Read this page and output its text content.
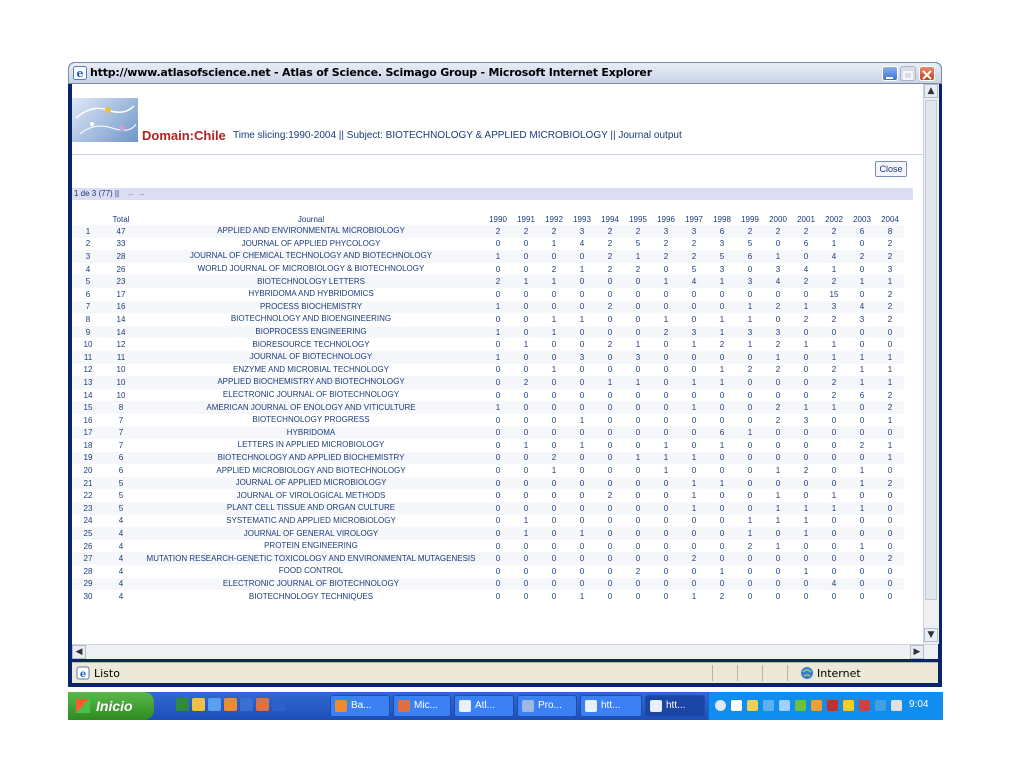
e http://www.atlasofscience.net - Atlas of Science. Scimago Group - Microsoft Internet Explorer
Domain:Chile Time slicing:1990-2004 || Subject: BIOTECHNOLOGY & APPLIED MICROBIOLOGY || Journal output
Close
1 de 3 (77) || ← →
	Total	Journal	1990	1991	1992	1993	1994	1995	1996	1997	1998	1999	2000	2001	2002	2003	2004
1	47	APPLIED AND ENVIRONMENTAL MICROBIOLOGY	2	2	2	3	2	2	3	3	6	2	2	2	2	6	8
2	33	JOURNAL OF APPLIED PHYCOLOGY	0	0	1	4	2	5	2	2	3	5	0	6	1	0	2
3	28	JOURNAL OF CHEMICAL TECHNOLOGY AND BIOTECHNOLOGY	1	0	0	0	2	1	2	2	5	6	1	0	4	2	2
4	26	WORLD JOURNAL OF MICROBIOLOGY & BIOTECHNOLOGY	0	0	2	1	2	2	0	5	3	0	3	4	1	0	3
5	23	BIOTECHNOLOGY LETTERS	2	1	1	0	0	0	1	4	1	3	4	2	2	1	1
6	17	HYBRIDOMA AND HYBRIDOMICS	0	0	0	0	0	0	0	0	0	0	0	0	15	0	2
7	16	PROCESS BIOCHEMISTRY	1	0	0	0	2	0	0	0	0	1	2	1	3	4	2
8	14	BIOTECHNOLOGY AND BIOENGINEERING	0	0	1	1	0	0	1	0	1	1	0	2	2	3	2
9	14	BIOPROCESS ENGINEERING	1	0	1	0	0	0	2	3	1	3	3	0	0	0	0
10	12	BIORESOURCE TECHNOLOGY	0	1	0	0	2	1	0	1	2	1	2	1	1	0	0
11	11	JOURNAL OF BIOTECHNOLOGY	1	0	0	3	0	3	0	0	0	0	1	0	1	1	1
12	10	ENZYME AND MICROBIAL TECHNOLOGY	0	0	1	0	0	0	0	0	1	2	2	0	2	1	1
13	10	APPLIED BIOCHEMISTRY AND BIOTECHNOLOGY	0	2	0	0	1	1	0	1	1	0	0	0	2	1	1
14	10	ELECTRONIC JOURNAL OF BIOTECHNOLOGY	0	0	0	0	0	0	0	0	0	0	0	0	2	6	2
15	8	AMERICAN JOURNAL OF ENOLOGY AND VITICULTURE	1	0	0	0	0	0	0	1	0	0	2	1	1	0	2
16	7	BIOTECHNOLOGY PROGRESS	0	0	0	1	0	0	0	0	0	0	2	3	0	0	1
17	7	HYBRIDOMA	0	0	0	0	0	0	0	0	6	1	0	0	0	0	0
18	7	LETTERS IN APPLIED MICROBIOLOGY	0	1	0	1	0	0	1	0	1	0	0	0	0	2	1
19	6	BIOTECHNOLOGY AND APPLIED BIOCHEMISTRY	0	0	2	0	0	1	1	1	0	0	0	0	0	0	1
20	6	APPLIED MICROBIOLOGY AND BIOTECHNOLOGY	0	0	1	0	0	0	1	0	0	0	1	2	0	1	0
21	5	JOURNAL OF APPLIED MICROBIOLOGY	0	0	0	0	0	0	0	1	1	0	0	0	0	1	2
22	5	JOURNAL OF VIROLOGICAL METHODS	0	0	0	0	2	0	0	1	0	0	1	0	1	0	0
23	5	PLANT CELL TISSUE AND ORGAN CULTURE	0	0	0	0	0	0	0	1	0	0	1	1	1	1	0
24	4	SYSTEMATIC AND APPLIED MICROBIOLOGY	0	1	0	0	0	0	0	0	0	1	1	1	0	0	0
25	4	JOURNAL OF GENERAL VIROLOGY	0	1	0	1	0	0	0	0	0	1	0	1	0	0	0
26	4	PROTEIN ENGINEERING	0	0	0	0	0	0	0	0	0	2	1	0	0	1	0
27	4	MUTATION RESEARCH-GENETIC TOXICOLOGY AND ENVIRONMENTAL MUTAGENESIS	0	0	0	0	0	0	0	2	0	0	0	0	0	0	2
28	4	FOOD CONTROL	0	0	0	0	0	2	0	0	1	0	0	1	0	0	0
29	4	ELECTRONIC JOURNAL OF BIOTECHNOLOGY	0	0	0	0	0	0	0	0	0	0	0	0	4	0	0
30	4	BIOTECHNOLOGY TECHNIQUES	0	0	0	1	0	0	0	1	2	0	0	0	0	0	0
▲
▼
◀	▶
e Listo	Internet
Inicio	Ba...	Mic...	Atl...	Pro...	htt...	htt...	9:04
